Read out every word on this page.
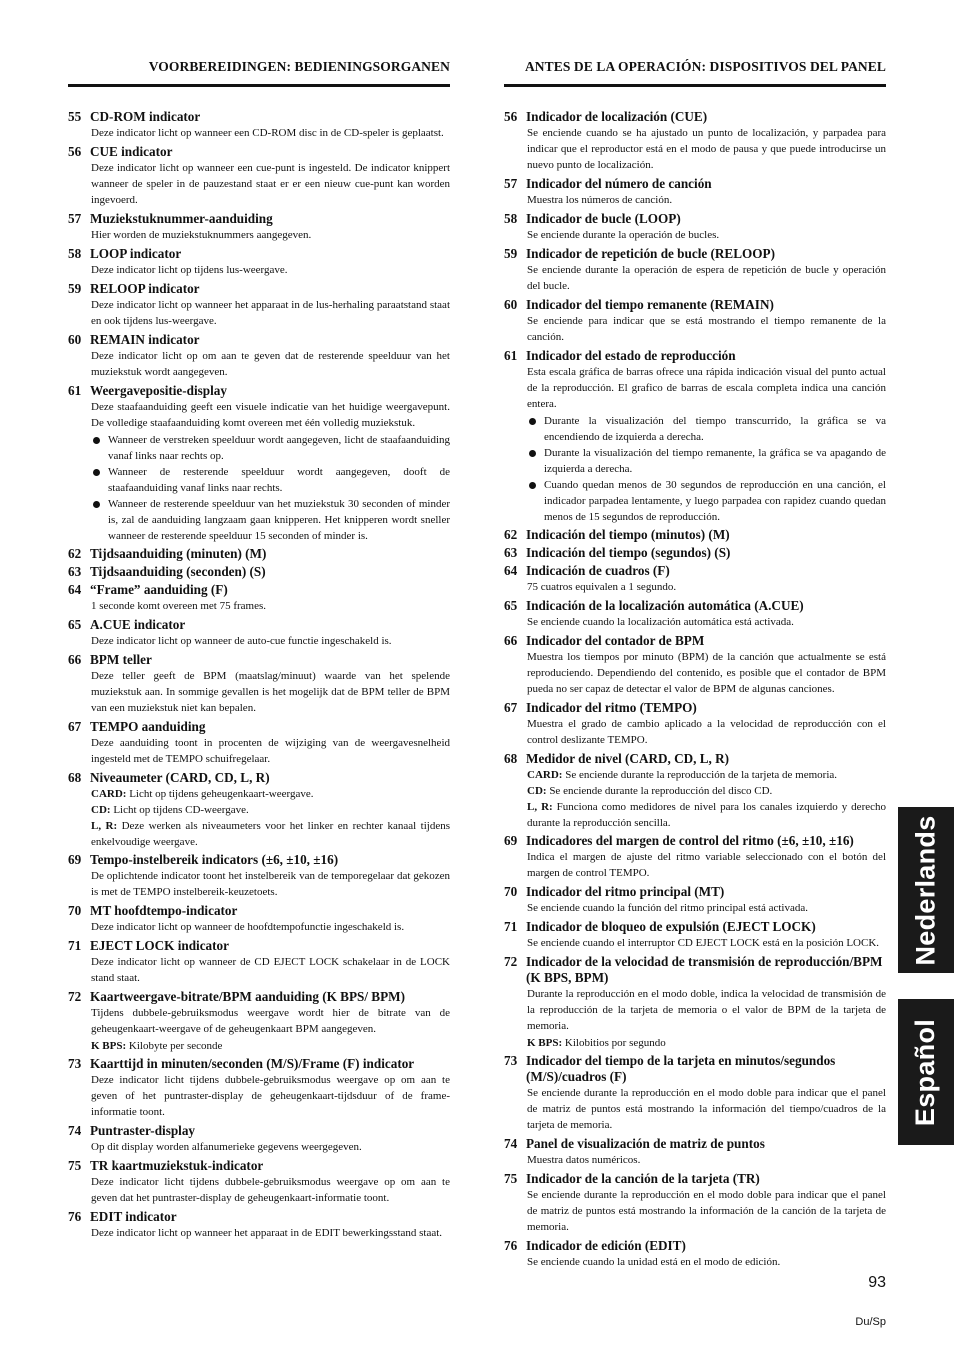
VOORBEREIDINGEN: BEDIENINGSORGANEN
55 CD-ROM indicator

Deze indicator licht op wanneer een CD-ROM disc in de CD-speler is geplaatst.

56 CUE indicator

Deze indicator licht op wanneer een cue-punt is ingesteld. De indicator knippert wanneer de speler in de pauzestand staat er er een nieuw cue-punt kan worden ingevoerd.

57 Muziekstuknummer-aanduiding

Hier worden de muziekstuknummers aangegeven.

58 LOOP indicator

Deze indicator licht op tijdens lus-weergave.

59 RELOOP indicator

Deze indicator licht op wanneer het apparaat in de lus-herhaling paraatstand staat en ook tijdens lus-weergave.

60 REMAIN indicator

Deze indicator licht op om aan te geven dat de resterende speelduur van het muziekstuk wordt aangegeven.

61 Weergavepositie-display

Deze staafaanduiding geeft een visuele indicatie van het huidige weergavepunt. De volledige staafaanduiding komt overeen met één volledig muziekstuk.

Wanneer de verstreken speelduur wordt aangegeven, licht de staafaanduiding vanaf links naar rechts op.
Wanneer de resterende speelduur wordt aangegeven, dooft de staafaanduiding vanaf links naar rechts.
Wanneer de resterende speelduur van het muziekstuk 30 seconden of minder is, zal de aanduiding langzaam gaan knipperen. Het knipperen wordt sneller wanneer de resterende speelduur 15 seconden of minder is.
62 Tijdsaanduiding (minuten) (M)
63 Tijdsaanduiding (seconden) (S)
64 “Frame” aanduiding (F)

1 seconde komt overeen met 75 frames.

65 A.CUE indicator

Deze indicator licht op wanneer de auto-cue functie ingeschakeld is.

66 BPM teller

Deze teller geeft de BPM (maatslag/minuut) waarde van het spelende muziekstuk aan. In sommige gevallen is het mogelijk dat de BPM teller de BPM van een muziekstuk niet kan bepalen.

67 TEMPO aanduiding

Deze aanduiding toont in procenten de wijziging van de weergavesnelheid ingesteld met de TEMPO schuifregelaar.

68 Niveaumeter (CARD, CD, L, R)
CARD: Licht op tijdens geheugenkaart-weergave.
CD: Licht op tijdens CD-weergave.
L, R: Deze werken als niveaumeters voor het linker en rechter kanaal tijdens enkelvoudige weergave.
69 Tempo-instelbereik indicators (±6, ±10, ±16)

De oplichtende indicator toont het instelbereik van de temporegelaar dat gekozen is met de TEMPO instelbereik-keuzetoets.

70 MT hoofdtempo-indicator

Deze indicator licht op wanneer de hoofdtempofunctie ingeschakeld is.

71 EJECT LOCK indicator

Deze indicator licht op wanneer de CD EJECT LOCK schakelaar in de LOCK stand staat.

72 Kaartweergave-bitrate/BPM aanduiding (K BPS/ BPM)

Tijdens dubbele-gebruiksmodus weergave wordt hier de bitrate van de geheugenkaart-weergave of de geheugenkaart BPM aangegeven.

K BPS: Kilobyte per seconde
73 Kaarttijd in minuten/seconden (M/S)/Frame (F) indicator

Deze indicator licht tijdens dubbele-gebruiksmodus weergave op om aan te geven of het puntraster-display de geheugenkaart-tijdsduur of de frame-informatie toont.

74 Puntraster-display

Op dit display worden alfanumerieke gegevens weergegeven.

75 TR kaartmuziekstuk-indicator

Deze indicator licht tijdens dubbele-gebruiksmodus weergave op om aan te geven dat het puntraster-display de geheugenkaart-informatie toont.

76 EDIT indicator

Deze indicator licht op wanneer het apparaat in de EDIT bewerkingsstand staat.

ANTES DE LA OPERACIÓN: DISPOSITIVOS DEL PANEL
56 Indicador de localización (CUE)

Se enciende cuando se ha ajustado un punto de localización, y parpadea para indicar que el reproductor está en el modo de pausa y que puede introducirse un nuevo punto de localización.

57 Indicador del número de canción

Muestra los números de canción.

58 Indicador de bucle (LOOP)

Se enciende durante la operación de bucles.

59 Indicador de repetición de bucle (RELOOP)

Se enciende durante la operación de espera de repetición de bucle y operación del bucle.

60 Indicador del tiempo remanente (REMAIN)

Se enciende para indicar que se está mostrando el tiempo remanente de la canción.

61 Indicador del estado de reproducción

Esta escala gráfica de barras ofrece una rápida indicación visual del punto actual de la reproducción. El grafico de barras de escala completa indica una canción entera.

Durante la visualización del tiempo transcurrido, la gráfica se va encendiendo de izquierda a derecha.
Durante la visualización del tiempo remanente, la gráfica se va apagando de izquierda a derecha.
Cuando quedan menos de 30 segundos de reproducción en una canción, el indicador parpadea lentamente, y luego parpadea con rapidez cuando quedan menos de 15 segundos de reproducción.
62 Indicación del tiempo (minutos) (M)
63 Indicación del tiempo (segundos) (S)
64 Indicación de cuadros (F)

75 cuatros equivalen a 1 segundo.

65 Indicación de la localización automática (A.CUE)

Se enciende cuando la localización automática está activada.

66 Indicador del contador de BPM

Muestra los tiempos por minuto (BPM) de la canción que actualmente se está reproduciendo. Dependiendo del contenido, es posible que el contador de BPM pueda no ser capaz de detectar el valor de BPM de algunas canciones.

67 Indicador del ritmo (TEMPO)

Muestra el grado de cambio aplicado a la velocidad de reproducción con el control deslizante TEMPO.

68 Medidor de nivel (CARD, CD, L, R)
CARD: Se enciende durante la reproducción de la tarjeta de memoria.
CD: Se enciende durante la reproducción del disco CD.
L, R: Funciona como medidores de nivel para los canales izquierdo y derecho durante la reproducción sencilla.
69 Indicadores del margen de control del ritmo (±6, ±10, ±16)

Indica el margen de ajuste del ritmo variable seleccionado con el botón del margen de control TEMPO.

70 Indicador del ritmo principal (MT)

Se enciende cuando la función del ritmo principal está activada.

71 Indicador de bloqueo de expulsión (EJECT LOCK)

Se enciende cuando el interruptor CD EJECT LOCK está en la posición LOCK.

72 Indicador de la velocidad de transmisión de reproducción/BPM (K BPS, BPM)

Durante la reproducción en el modo doble, indica la velocidad de transmisión de la reproducción de la tarjeta de memoria o el valor de BPM de la tarjeta de memoria.

K BPS: Kilobitios por segundo
73 Indicador del tiempo de la tarjeta en minutos/segundos (M/S)/cuadros (F)

Se enciende durante la reproducción en el modo doble para indicar que el panel de matriz de puntos está mostrando la información del tiempo/cuadros de la tarjeta de memoria.

74 Panel de visualización de matriz de puntos

Muestra datos numéricos.

75 Indicador de la canción de la tarjeta (TR)

Se enciende durante la reproducción en el modo doble para indicar que el panel de matriz de puntos está mostrando la información de la canción de la tarjeta de memoria.

76 Indicador de edición (EDIT)

Se enciende cuando la unidad está en el modo de edición.

Nederlands
Español
93
Du/Sp
